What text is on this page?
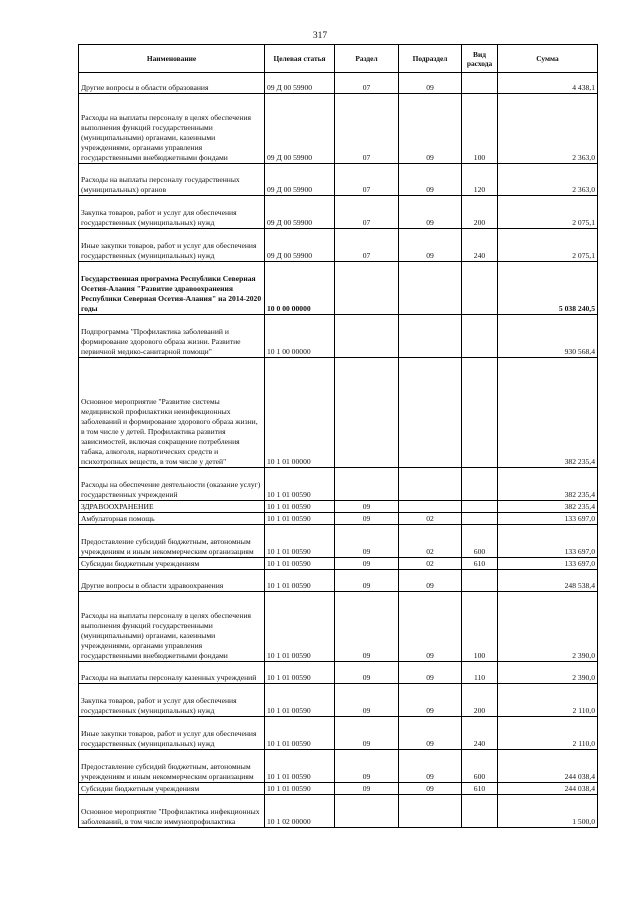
317
Наименование	Целевая статья	Раздел	Подраздел	Вид расхода	Сумма

Другие вопросы в области образования	09 Д 00 59900	07	09		4 438,1

Расходы на выплаты персоналу в целях обеспечения выполнения функций государственными (муниципальными) органами, казенными учреждениями, органами управления государственными внебюджетными фондами	09 Д 00 59900	07	09	100	2 363,0

Расходы на выплаты персоналу государственных (муниципальных) органов	09 Д 00 59900	07	09	120	2 363,0

Закупка товаров, работ и услуг для обеспечения государственных (муниципальных) нужд	09 Д 00 59900	07	09	200	2 075,1

Иные закупки товаров, работ и услуг для обеспечения государственных (муниципальных) нужд	09 Д 00 59900	07	09	240	2 075,1

Государственная программа Республики Северная Осетия-Алания "Развитие здравоохранения Республики Северная Осетия-Алания" на 2014-2020 годы	10 0 00 00000				5 038 240,5

Подпрограмма "Профилактика заболеваний и формирование здорового образа жизни. Развитие первичной медико-санитарной помощи"	10 1 00 00000				930 568,4

Основное мероприятие "Развитие системы медицинской профилактики неинфекционных заболеваний и формирование здорового образа жизни, в том числе у детей. Профилактика развития зависимостей, включая сокращение потребления табака, алкоголя, наркотических средств и психотропных веществ, в том числе у детей"	10 1 01 00000				382 235,4

Расходы на обеспечение деятельности (оказание услуг) государственных учреждений	10 1 01 00590				382 235,4

ЗДРАВООХРАНЕНИЕ	10 1 01 00590	09			382 235,4

Амбулаторная помощь	10 1 01 00590	09	02		133 697,0

Предоставление субсидий бюджетным, автономным учреждениям и иным некоммерческим организациям	10 1 01 00590	09	02	600	133 697,0

Субсидии бюджетным учреждениям	10 1 01 00590	09	02	610	133 697,0

Другие вопросы в области здравоохранения	10 1 01 00590	09	09		248 538,4

Расходы на выплаты персоналу в целях обеспечения выполнения функций государственными (муниципальными) органами, казенными учреждениями, органами управления государственными внебюджетными фондами	10 1 01 00590	09	09	100	2 390,0

Расходы на выплаты персоналу казенных учреждений	10 1 01 00590	09	09	110	2 390,0

Закупка товаров, работ и услуг для обеспечения государственных (муниципальных) нужд	10 1 01 00590	09	09	200	2 110,0

Иные закупки товаров, работ и услуг для обеспечения государственных (муниципальных) нужд	10 1 01 00590	09	09	240	2 110,0

Предоставление субсидий бюджетным, автономным учреждениям и иным некоммерческим организациям	10 1 01 00590	09	09	600	244 038,4

Субсидии бюджетным учреждениям	10 1 01 00590	09	09	610	244 038,4

Основное мероприятие "Профилактика инфекционных заболеваний, в том числе иммунопрофилактика	10 1 02 00000				1 500,0
